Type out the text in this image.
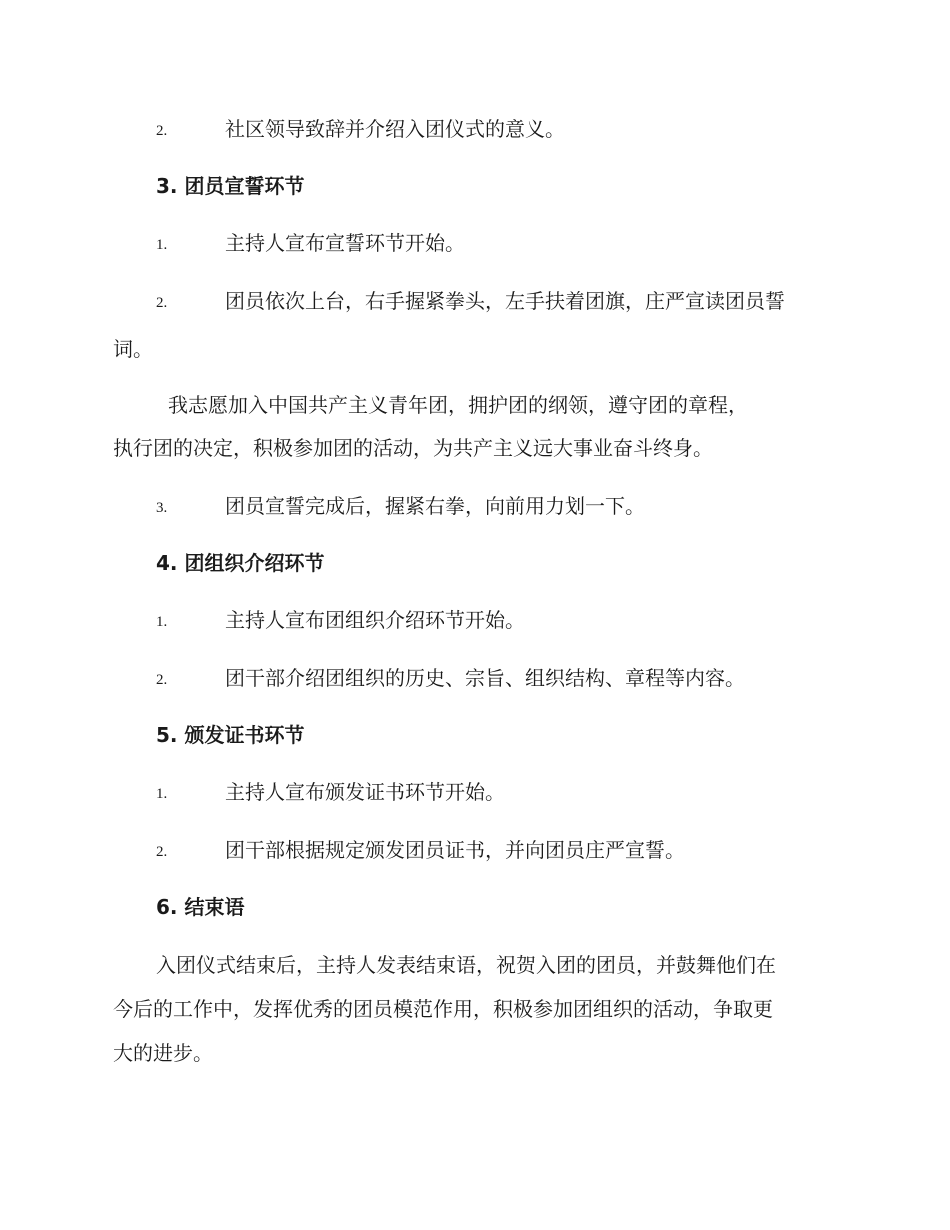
2.	社区领导致辞并介绍入团仪式的意义。
3. 团员宣誓环节
1.	主持人宣布宣誓环节开始。
2.	团员依次上台，右手握紧拳头，左手扶着团旗，庄严宣读团员誓
词。
我志愿加入中国共产主义青年团，拥护团的纲领，遵守团的章程，
执行团的决定，积极参加团的活动，为共产主义远大事业奋斗终身。
3.	团员宣誓完成后，握紧右拳，向前用力划一下。
4. 团组织介绍环节
1.	主持人宣布团组织介绍环节开始。
2.	团干部介绍团组织的历史、宗旨、组织结构、章程等内容。
5. 颁发证书环节
1.	主持人宣布颁发证书环节开始。
2.	团干部根据规定颁发团员证书，并向团员庄严宣誓。
6. 结束语
入团仪式结束后，主持人发表结束语，祝贺入团的团员，并鼓舞他们在
今后的工作中，发挥优秀的团员模范作用，积极参加团组织的活动，争取更
大的进步。
